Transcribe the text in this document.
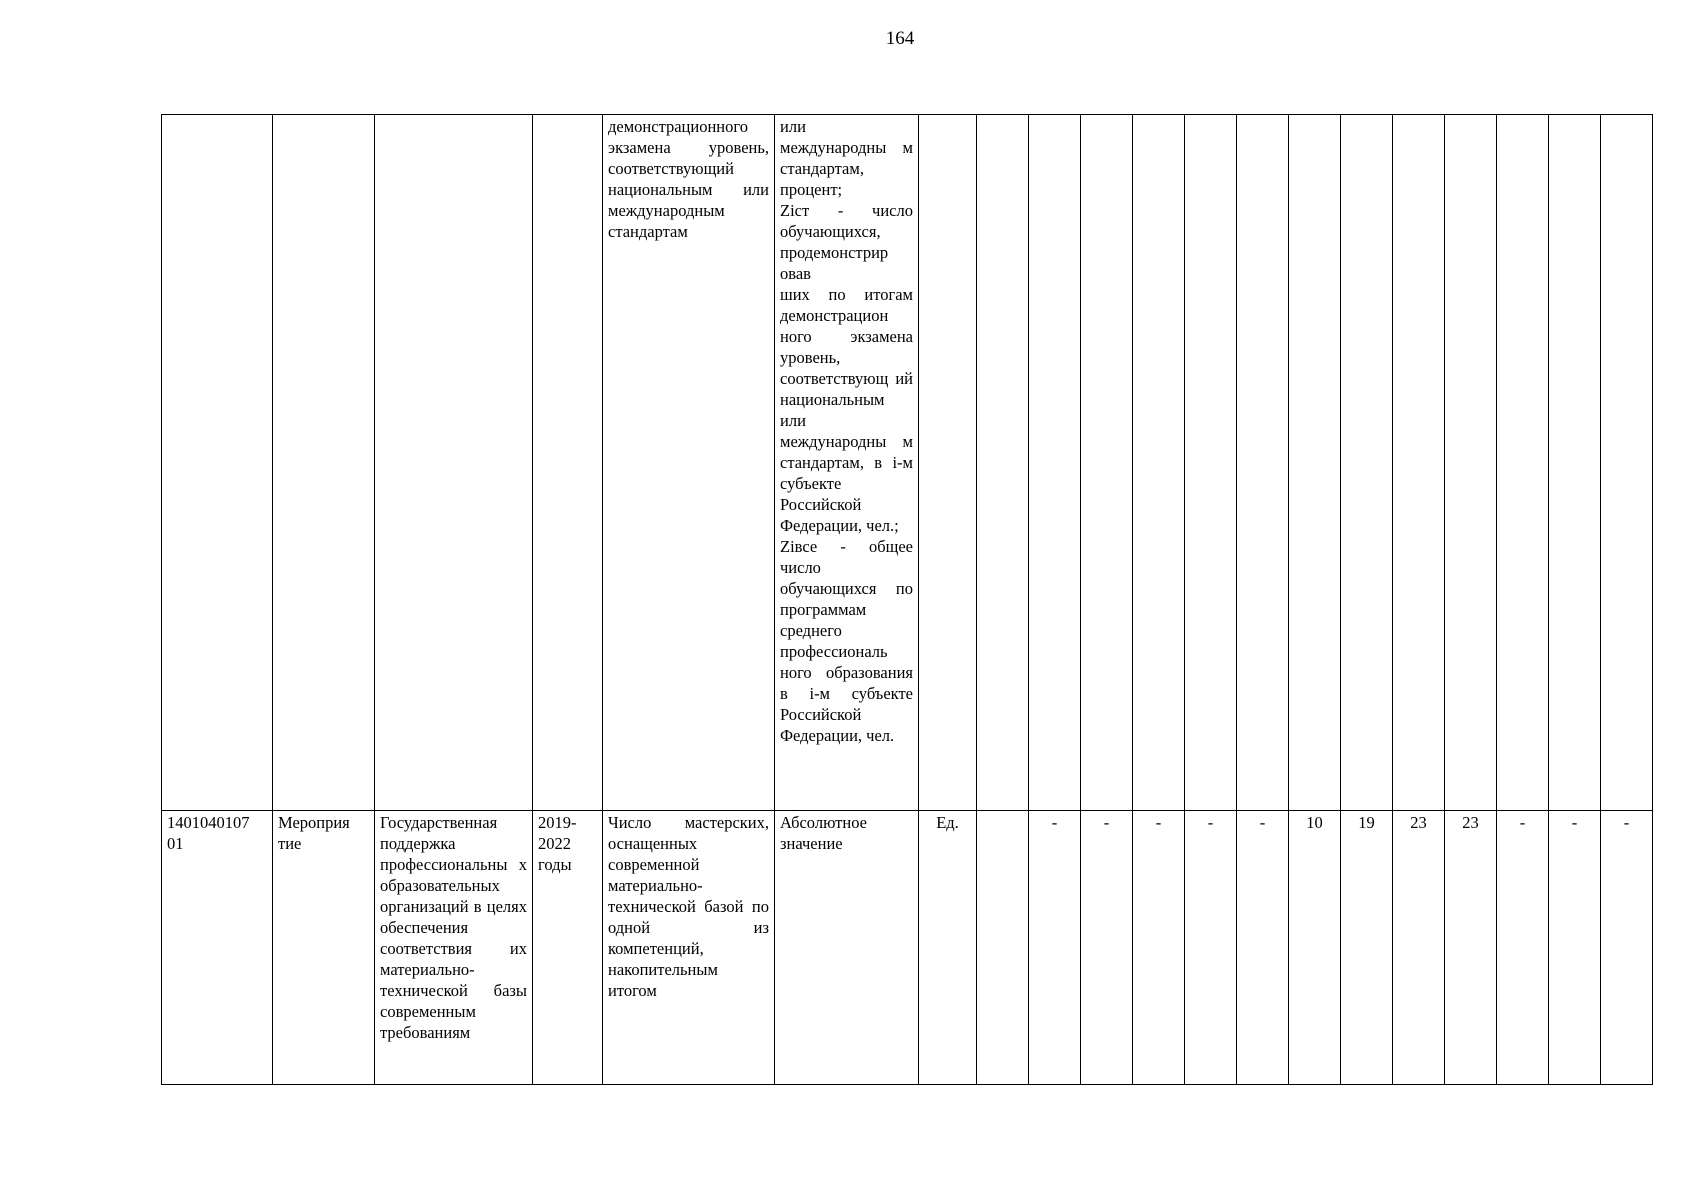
164
				демонстрационного экзамена уровень, соответствующий национальным или международным стандартам	или
международны м стандартам, процент;
Ziст - число обучающихся, продемонстрир овав
ших по итогам демонстрацион ного экзамена уровень, соответствующ ий национальным или международны м стандартам, в i-м субъекте Российской Федерации, чел.;
Ziвсе - общее число обучающихся по программам среднего профессиональ ного образования в i-м субъекте Российской Федерации, чел.														
1401040107 01	Мероприя тие	Государственная поддержка профессиональны х образовательных организаций в целях обеспечения соответствия их материально-технической базы современным требованиям	2019-2022 годы	Число мастерских, оснащенных современной материально-технической базой по одной из компетенций, накопительным итогом	Абсолютное значение	Ед.		-	-	-	-	-	10	19	23	23	-	-	-
